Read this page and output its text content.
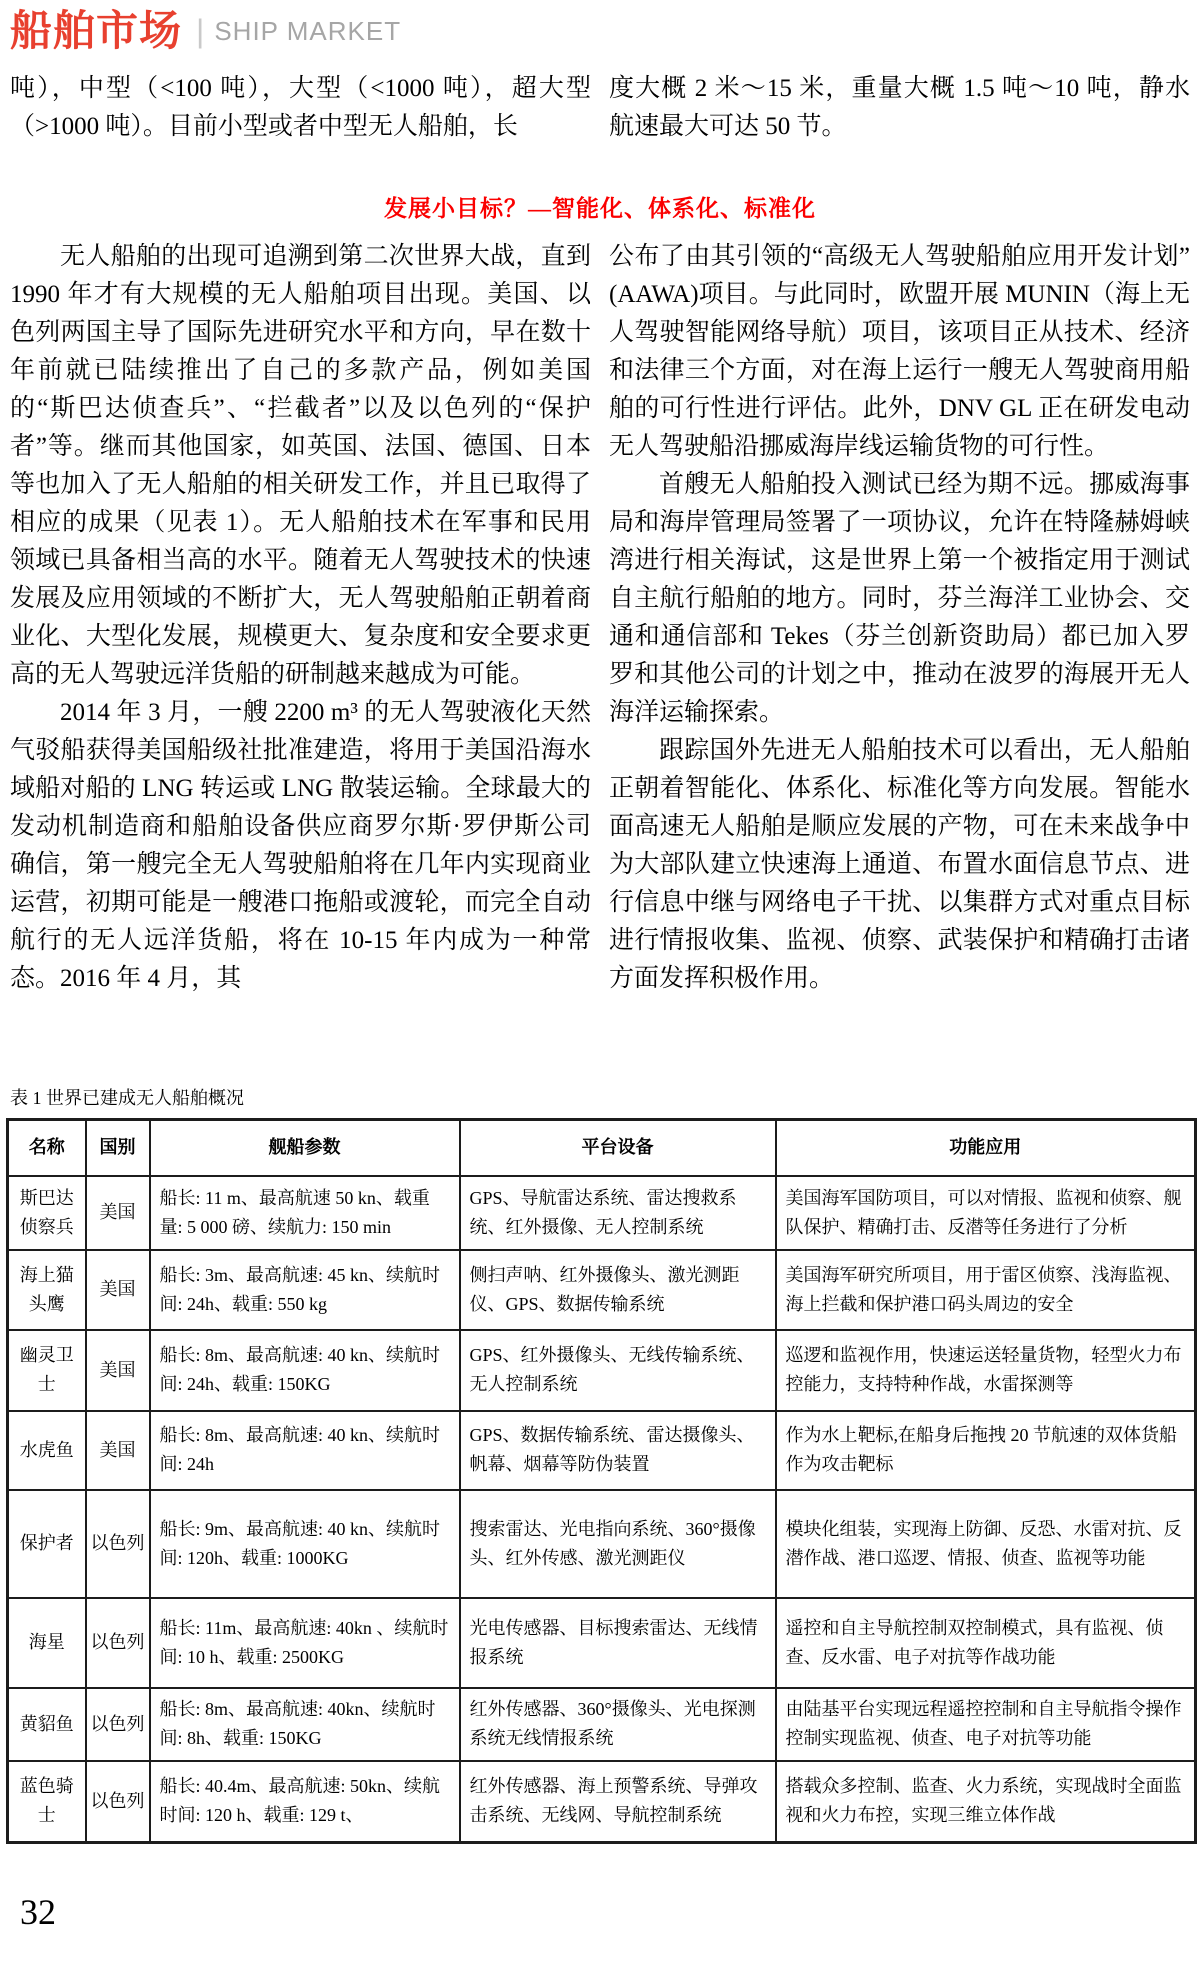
船舶市场 | SHIP MARKET

吨），中型（<100 吨），大型（<1000 吨），超大型（>1000 吨）。目前小型或者中型无人船舶，长

度大概 2 米～15 米，重量大概 1.5 吨～10 吨，静水航速最大可达 50 节。

发展小目标？—智能化、体系化、标准化

无人船舶的出现可追溯到第二次世界大战，直到 1990 年才有大规模的无人船舶项目出现。美国、以色列两国主导了国际先进研究水平和方向，早在数十年前就已陆续推出了自己的多款产品，例如美国的“斯巴达侦查兵”、“拦截者”以及以色列的“保护者”等。继而其他国家，如英国、法国、德国、日本等也加入了无人船舶的相关研发工作，并且已取得了相应的成果（见表 1）。无人船舶技术在军事和民用领域已具备相当高的水平。随着无人驾驶技术的快速发展及应用领域的不断扩大，无人驾驶船舶正朝着商业化、大型化发展，规模更大、复杂度和安全要求更高的无人驾驶远洋货船的研制越来越成为可能。

2014 年 3 月，一艘 2200 m³ 的无人驾驶液化天然气驳船获得美国船级社批准建造，将用于美国沿海水域船对船的 LNG 转运或 LNG 散装运输。全球最大的发动机制造商和船舶设备供应商罗尔斯·罗伊斯公司确信，第一艘完全无人驾驶船舶将在几年内实现商业运营，初期可能是一艘港口拖船或渡轮，而完全自动航行的无人远洋货船，将在 10-15 年内成为一种常态。2016 年 4 月，其

公布了由其引领的“高级无人驾驶船舶应用开发计划” (AAWA)项目。与此同时，欧盟开展 MUNIN（海上无人驾驶智能网络导航）项目，该项目正从技术、经济和法律三个方面，对在海上运行一艘无人驾驶商用船舶的可行性进行评估。此外，DNV GL 正在研发电动无人驾驶船沿挪威海岸线运输货物的可行性。

首艘无人船舶投入测试已经为期不远。挪威海事局和海岸管理局签署了一项协议，允许在特隆赫姆峡湾进行相关海试，这是世界上第一个被指定用于测试自主航行船舶的地方。同时，芬兰海洋工业协会、交通和通信部和 Tekes（芬兰创新资助局）都已加入罗罗和其他公司的计划之中，推动在波罗的海展开无人海洋运输探索。

跟踪国外先进无人船舶技术可以看出，无人船舶正朝着智能化、体系化、标准化等方向发展。智能水面高速无人船舶是顺应发展的产物，可在未来战争中为大部队建立快速海上通道、布置水面信息节点、进行信息中继与网络电子干扰、以集群方式对重点目标进行情报收集、监视、侦察、武装保护和精确打击诸方面发挥积极作用。

表 1 世界已建成无人船舶概况
名称	国别	舰船参数	平台设备	功能应用
斯巴达侦察兵	美国	船长: 11 m、最高航速 50 kn、载重量: 5 000 磅、续航力: 150 min	GPS、导航雷达系统、雷达搜救系统、红外摄像、无人控制系统	美国海军国防项目，可以对情报、监视和侦察、舰队保护、精确打击、反潜等任务进行了分析
海上猫头鹰	美国	船长: 3m、最高航速: 45 kn、续航时间: 24h、载重: 550 kg	侧扫声呐、红外摄像头、激光测距仪、GPS、数据传输系统	美国海军研究所项目，用于雷区侦察、浅海监视、海上拦截和保护港口码头周边的安全
幽灵卫士	美国	船长: 8m、最高航速: 40 kn、续航时间: 24h、载重: 150KG	GPS、红外摄像头、无线传输系统、无人控制系统	巡逻和监视作用，快速运送轻量货物，轻型火力布控能力，支持特种作战，水雷探测等
水虎鱼	美国	船长: 8m、最高航速: 40 kn、续航时间: 24h	GPS、数据传输系统、雷达摄像头、帆幕、烟幕等防伪装置	作为水上靶标,在船身后拖拽 20 节航速的双体货船作为攻击靶标
保护者	以色列	船长: 9m、最高航速: 40 kn、续航时间: 120h、载重: 1000KG	搜索雷达、光电指向系统、360°摄像头、红外传感、激光测距仪	模块化组装，实现海上防御、反恐、水雷对抗、反潜作战、港口巡逻、情报、侦查、监视等功能
海星	以色列	船长: 11m、最高航速: 40kn 、续航时间: 10 h、载重: 2500KG	光电传感器、目标搜索雷达、无线情报系统	遥控和自主导航控制双控制模式，具有监视、侦查、反水雷、电子对抗等作战功能
黄貂鱼	以色列	船长: 8m、最高航速: 40kn、续航时间: 8h、载重: 150KG	红外传感器、360°摄像头、光电探测系统无线情报系统	由陆基平台实现远程遥控控制和自主导航指令操作控制实现监视、侦查、电子对抗等功能
蓝色骑士	以色列	船长: 40.4m、最高航速: 50kn、续航时间: 120 h、载重: 129 t、	红外传感器、海上预警系统、导弹攻击系统、无线网、导航控制系统	搭载众多控制、监查、火力系统，实现战时全面监视和火力布控，实现三维立体作战
32
